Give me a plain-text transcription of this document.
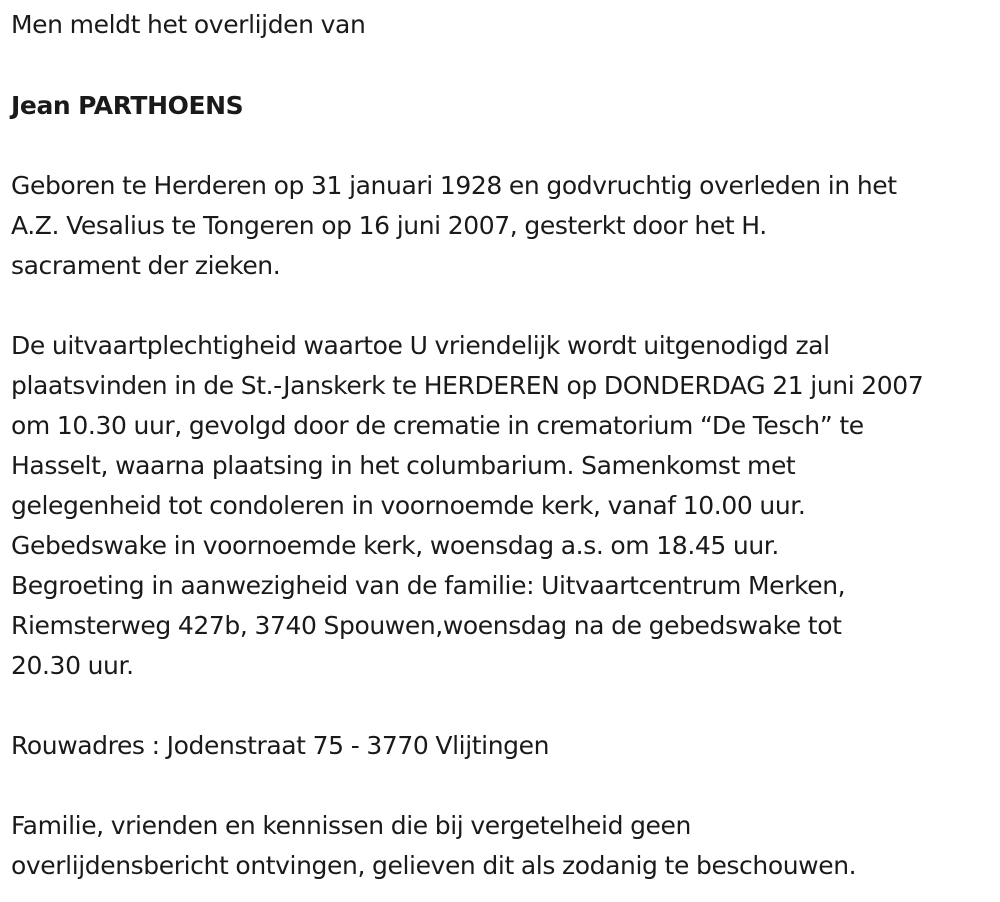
Men meldt het overlijden van
Jean PARTHOENS
Geboren te Herderen op 31 januari 1928 en godvruchtig overleden in het
A.Z. Vesalius te Tongeren op 16 juni 2007, gesterkt door het H.
sacrament der zieken.
De uitvaartplechtigheid waartoe U vriendelijk wordt uitgenodigd zal
plaatsvinden in de St.-Janskerk te HERDEREN op DONDERDAG 21 juni 2007
om 10.30 uur, gevolgd door de crematie in crematorium “De Tesch” te
Hasselt, waarna plaatsing in het columbarium. Samenkomst met
gelegenheid tot condoleren in voornoemde kerk, vanaf 10.00 uur.
Gebedswake in voornoemde kerk, woensdag a.s. om 18.45 uur.
Begroeting in aanwezigheid van de familie: Uitvaartcentrum Merken,
Riemsterweg 427b, 3740 Spouwen,woensdag na de gebedswake tot
20.30 uur.
Rouwadres : Jodenstraat 75 - 3770 Vlijtingen
Familie, vrienden en kennissen die bij vergetelheid geen
overlijdensbericht ontvingen, gelieven dit als zodanig te beschouwen.
